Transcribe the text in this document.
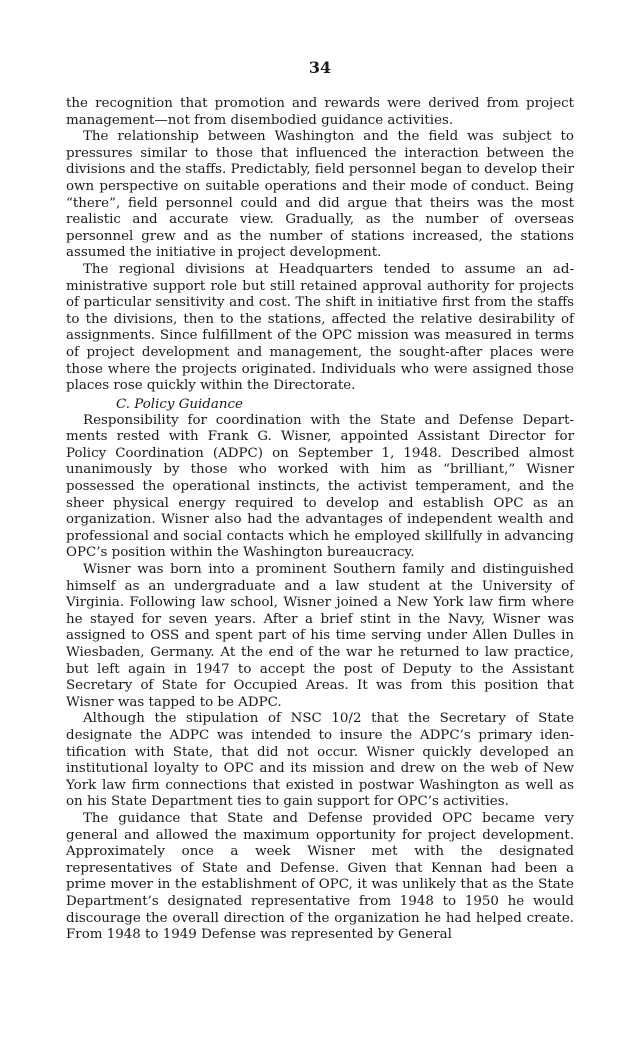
34

the recognition that promotion and rewards were derived from project management—not from disembodied guidance activities.

The relationship between Washington and the field was subject to pressures similar to those that influenced the interaction between the divisions and the staffs. Predictably, field personnel began to develop their own perspective on suitable operations and their mode of conduct. Being “there”, field personnel could and did argue that theirs was the most realistic and accurate view. Gradually, as the number of overseas personnel grew and as the number of stations increased, the stations assumed the initiative in project development.

The regional divisions at Headquarters tended to assume an administrative support role but still retained approval authority for projects of particular sensitivity and cost. The shift in initiative first from the staffs to the divisions, then to the stations, affected the relative desirability of assignments. Since fulfillment of the OPC mission was measured in terms of project development and management, the sought-after places were those where the projects originated. Individuals who were assigned those places rose quickly within the Directorate.

C. Policy Guidance

Responsibility for coordination with the State and Defense Departments rested with Frank G. Wisner, appointed Assistant Director for Policy Coordination (ADPC) on September 1, 1948. Described almost unanimously by those who worked with him as “brilliant,” Wisner possessed the operational instincts, the activist temperament, and the sheer physical energy required to develop and establish OPC as an organization. Wisner also had the advantages of independent wealth and professional and social contacts which he employed skillfully in advancing OPC’s position within the Washington bureaucracy.

Wisner was born into a prominent Southern family and distinguished himself as an undergraduate and a law student at the University of Virginia. Following law school, Wisner joined a New York law firm where he stayed for seven years. After a brief stint in the Navy, Wisner was assigned to OSS and spent part of his time serving under Allen Dulles in Wiesbaden, Germany. At the end of the war he returned to law practice, but left again in 1947 to accept the post of Deputy to the Assistant Secretary of State for Occupied Areas. It was from this position that Wisner was tapped to be ADPC.

Although the stipulation of NSC 10/2 that the Secretary of State designate the ADPC was intended to insure the ADPC’s primary identification with State, that did not occur. Wisner quickly developed an institutional loyalty to OPC and its mission and drew on the web of New York law firm connections that existed in postwar Washington as well as on his State Department ties to gain support for OPC’s activities.

The guidance that State and Defense provided OPC became very general and allowed the maximum opportunity for project development. Approximately once a week Wisner met with the designated representatives of State and Defense. Given that Kennan had been a prime mover in the establishment of OPC, it was unlikely that as the State Department’s designated representative from 1948 to 1950 he would discourage the overall direction of the organization he had helped create. From 1948 to 1949 Defense was represented by General
